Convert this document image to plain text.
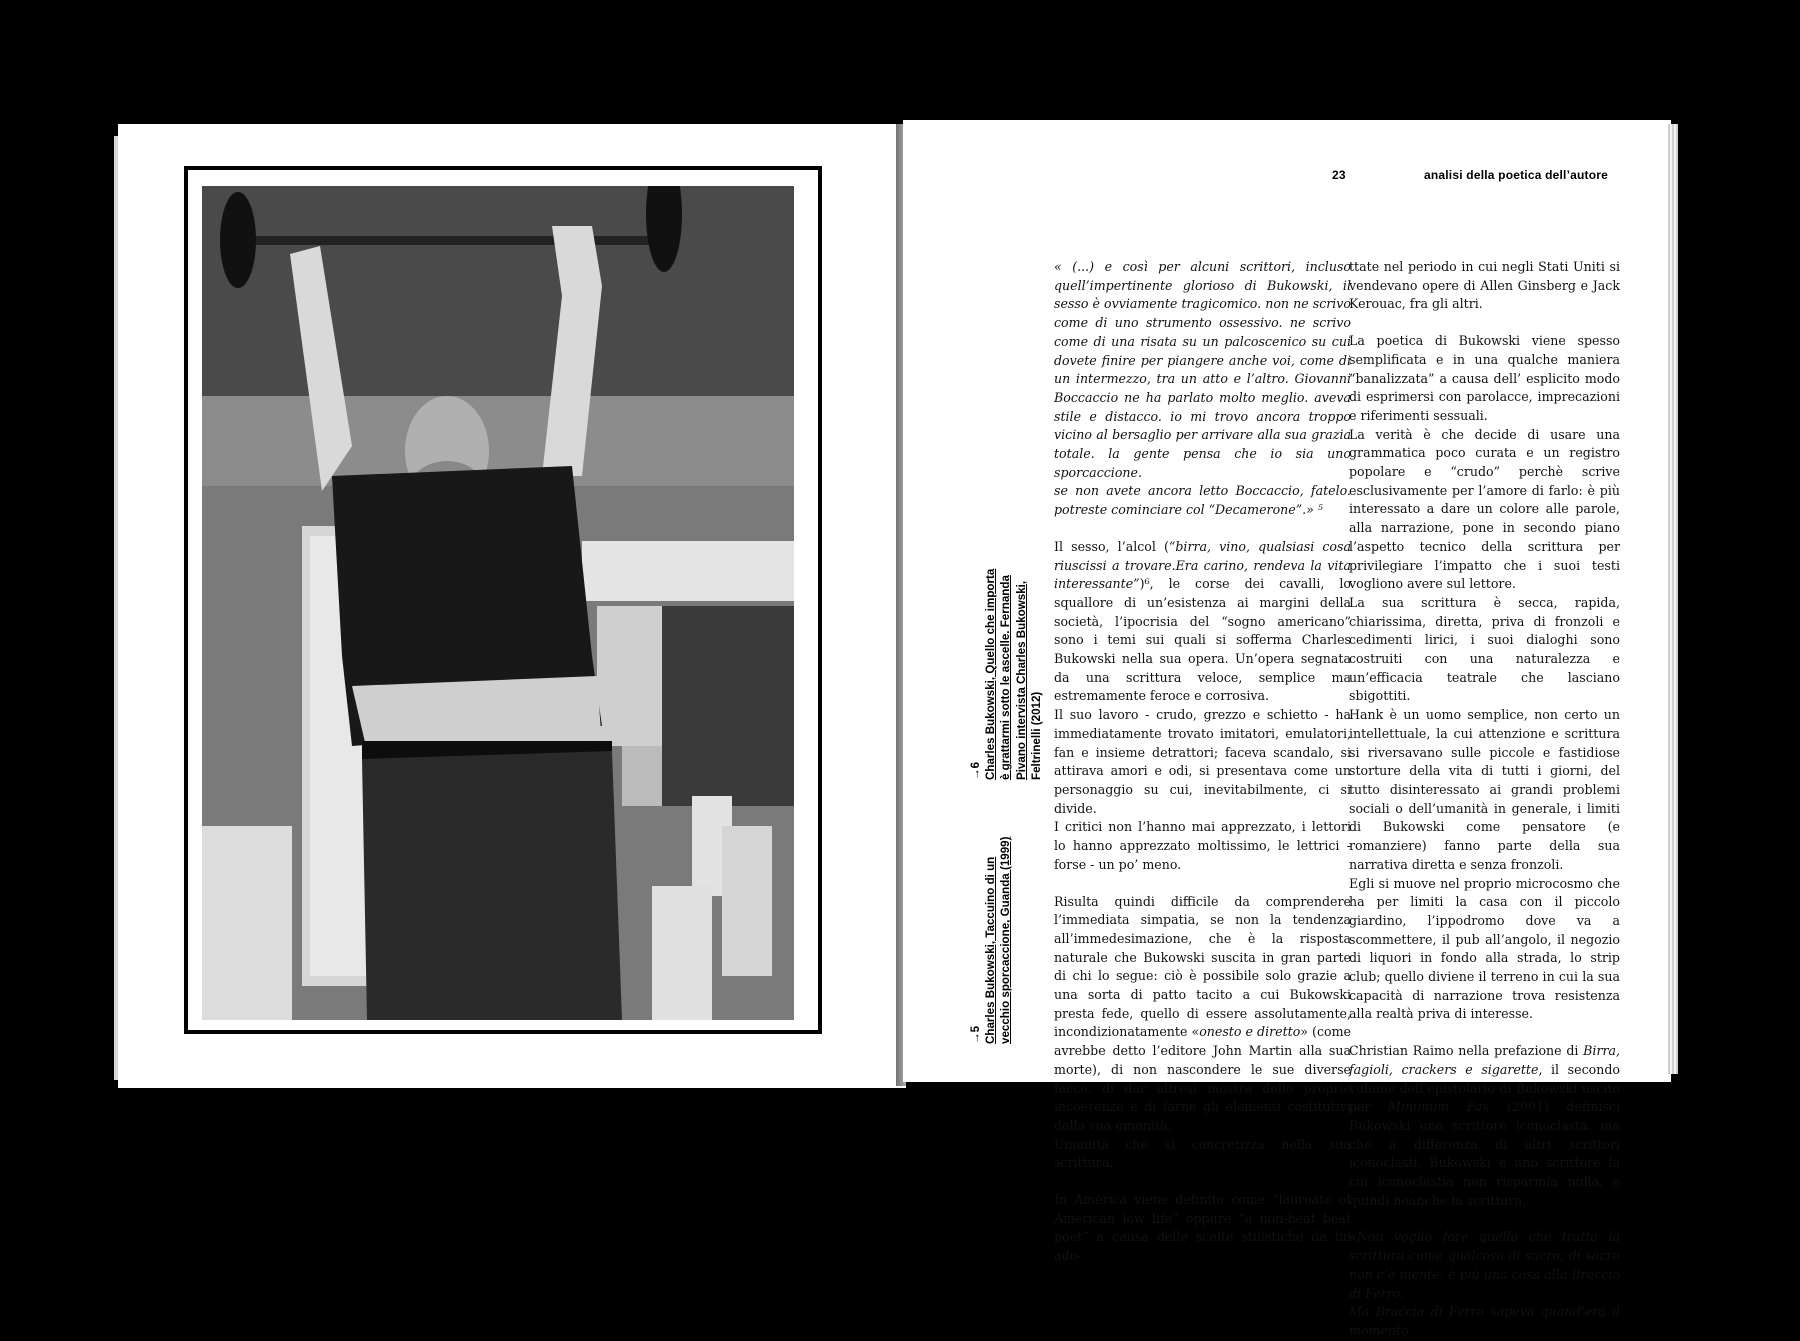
23	analisi della poetica dell’autore
→6 Charles Bukowski, Quello che importa è grattarmi sotto le ascelle. Fernanda Pivano intervista Charles Bukowski, Feltrinelli (2012)
→5 Charles Bukowski, Taccuino di un vecchio sporcaccione, Guanda (1999)

« (...) e così per alcuni scrittori, incluso quell’impertinente glorioso di Bukowski, il sesso è ovviamente tragicomico. non ne scrivo come di uno strumento ossessivo. ne scrivo come di una risata su un palcoscenico su cui dovete finire per piangere anche voi, come di un intermezzo, tra un atto e l’altro. Giovanni Boccaccio ne ha parlato molto meglio. aveva stile e distacco. io mi trovo ancora troppo vicino al bersaglio per arrivare alla sua grazia totale. la gente pensa che io sia uno sporcaccione.

se non avete ancora letto Boccaccio, fatelo. potreste cominciare col “Decamerone”.» ⁵

Il sesso, l’alcol (“birra, vino, qualsiasi cosa riuscissi a trovare.Era carino, rendeva la vita interessante”)⁶, le corse dei cavalli, lo squallore di un’esistenza ai margini della società, l’ipocrisia del “sogno americano” sono i temi sui quali si sofferma Charles Bukowski nella sua opera. Un’opera segnata da una scrittura veloce, semplice ma estremamente feroce e corrosiva.

Il suo lavoro - crudo, grezzo e schietto - ha immediatamente trovato imitatori, emulatori, fan e insieme detrattori; faceva scandalo, si attirava amori e odi, si presentava come un personaggio su cui, inevitabilmente, ci si divide.

I critici non l’hanno mai apprezzato, i lettori lo hanno apprezzato moltissimo, le lettrici - forse - un po’ meno.

Risulta quindi difficile da comprendere l’immediata simpatia, se non la tendenza all’immedesimazione, che è la risposta naturale che Bukowski suscita in gran parte di chi lo segue: ciò è possibile solo grazie a una sorta di patto tacito a cui Bukowski presta fede, quello di essere assolutamente, incondizionatamente «onesto e diretto» (come avrebbe detto l’editore John Martin alla sua morte), di non nascondere le sue diverse facce, di dar altresì mostra delle proprie incoerenze e di farne gli elementi costitutivi della sua umanità.

Umanità che si concretizza nella sua scrittura.

In America viene definito come “laureate of American low life” oppure “a non-beat beat poet” a causa delle scelte stilistiche da lui ado-

ttate nel periodo in cui negli Stati Uniti si vendevano opere di Allen Ginsberg e Jack Kerouac, fra gli altri.

La poetica di Bukowski viene spesso semplificata e in una qualche maniera “banalizzata” a causa dell’ esplicito modo di esprimersi con parolacce, imprecazioni e riferimenti sessuali.

La verità è che decide di usare una grammatica poco curata e un registro popolare e “crudo” perchè scrive esclusivamente per l’amore di farlo: è più interessato a dare un colore alle parole, alla narrazione, pone in secondo piano l’aspetto tecnico della scrittura per privilegiare l’impatto che i suoi testi vogliono avere sul lettore.

La sua scrittura è secca, rapida, chiarissima, diretta, priva di fronzoli e cedimenti lirici, i suoi dialoghi sono costruiti con una naturalezza e un’efficacia teatrale che lasciano sbigottiti.

Hank è un uomo semplice, non certo un intellettuale, la cui attenzione e scrittura si riversavano sulle piccole e fastidiose storture della vita di tutti i giorni, del tutto disinteressato ai grandi problemi sociali o dell’umanità in generale, i limiti di Bukowski come pensatore (e romanziere) fanno parte della sua narrativa diretta e senza fronzoli.

Egli si muove nel proprio microcosmo che ha per limiti la casa con il piccolo giardino, l’ippodromo dove va a scommettere, il pub all’angolo, il negozio di liquori in fondo alla strada, lo strip club; quello diviene il terreno in cui la sua capacità di narrazione trova resistenza alla realtà priva di interesse.

Christian Raimo nella prefazione di Birra, fagioli, crackers e sigarette, il secondo volume dell’epistolario di Bukowski uscito per Minimum Fax (2001) definisci Bukowski uno scrittore iconoclasta, ma che a differenza di altri scrittori iconoclasti, Bukowski è uno scrittore la cui iconoclastia non risparmia nulla, e quindi neanche la scrittura.

«Non voglio fare quello che tratta la scrittura come qualcosa di sacro; di sacro non c’è niente. è più una cosa alla Braccio di Ferro.

Ma Braccio di Ferro sapeva quand’era il momento
